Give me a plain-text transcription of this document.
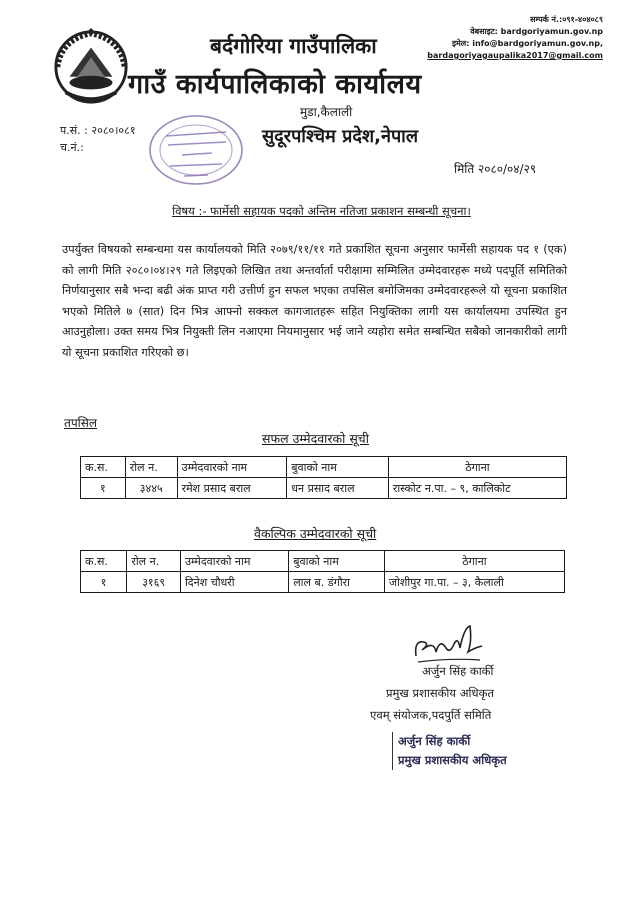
बर्दगोरिया गाउँपालिका
गाउँ कार्यपालिकाको कार्यालय
सम्पर्क नं.:०९१-४०४०८९
वेबसाइट: bardgoriyamun.gov.np
इमेल: info@bardgoriyamun.gov.np,
bardagoriyagaupalika2017@gmail.com
मुडा,कैलाली
सुदूरपश्चिम प्रदेश,नेपाल
प.सं. : २०८०।०८१
च.नं.:
मिति २०८०/०४/२९
विषय :- फार्मेसी सहायक पदको अन्तिम नतिजा प्रकाशन सम्बन्धी सूचना।
उपर्युक्त विषयको सम्बन्धमा यस कार्यालयको मिति २०७९/११/११ गते प्रकाशित सूचना अनुसार फार्मेसी सहायक पद १ (एक) को लागी मिति २०८०।०४।२९ गते लिइएको लिखित तथा अन्तर्वार्ता परीक्षामा सम्मिलित उम्मेदवारहरू मध्ये पदपूर्ति समितिको निर्णयानुसार सबै भन्दा बढी अंक प्राप्त गरी उत्तीर्ण हुन सफल भएका तपसिल बमोजिमका उम्मेदवारहरूले यो सूचना प्रकाशित भएको मितिले ७ (सात) दिन भित्र आफ्नो सक्कल कागजातहरू सहित नियुक्तिका लागी यस कार्यालयमा उपस्थित हुन आउनुहोला। उक्त समय भित्र नियुक्ती लिन नआएमा नियमानुसार भई जाने व्यहोरा समेत सम्बन्धित सबैको जानकारीको लागी यो सूचना प्रकाशित गरिएको छ।
तपसिल
सफल उम्मेदवारको सूची
क.स.	रोल न.	उम्मेदवारको नाम	बुवाको नाम	ठेगाना
१	३४४५	रमेश प्रसाद बराल	धन प्रसाद बराल	रास्कोट न.पा. – ९, कालिकोट
वैकल्पिक उम्मेदवारको सूची
क.स.	रोल न.	उम्मेदवारको नाम	बुवाको नाम	ठेगाना
१	३१६९	दिनेश चौधरी	लाल ब. डंगौरा	जोशीपुर गा.पा. – ३, कैलाली
अर्जुन सिंह कार्की
प्रमुख प्रशासकीय अधिकृत
एवम् संयोजक,पदपुर्ति समिति
अर्जुन सिंह कार्की
प्रमुख प्रशासकीय अधिकृत
